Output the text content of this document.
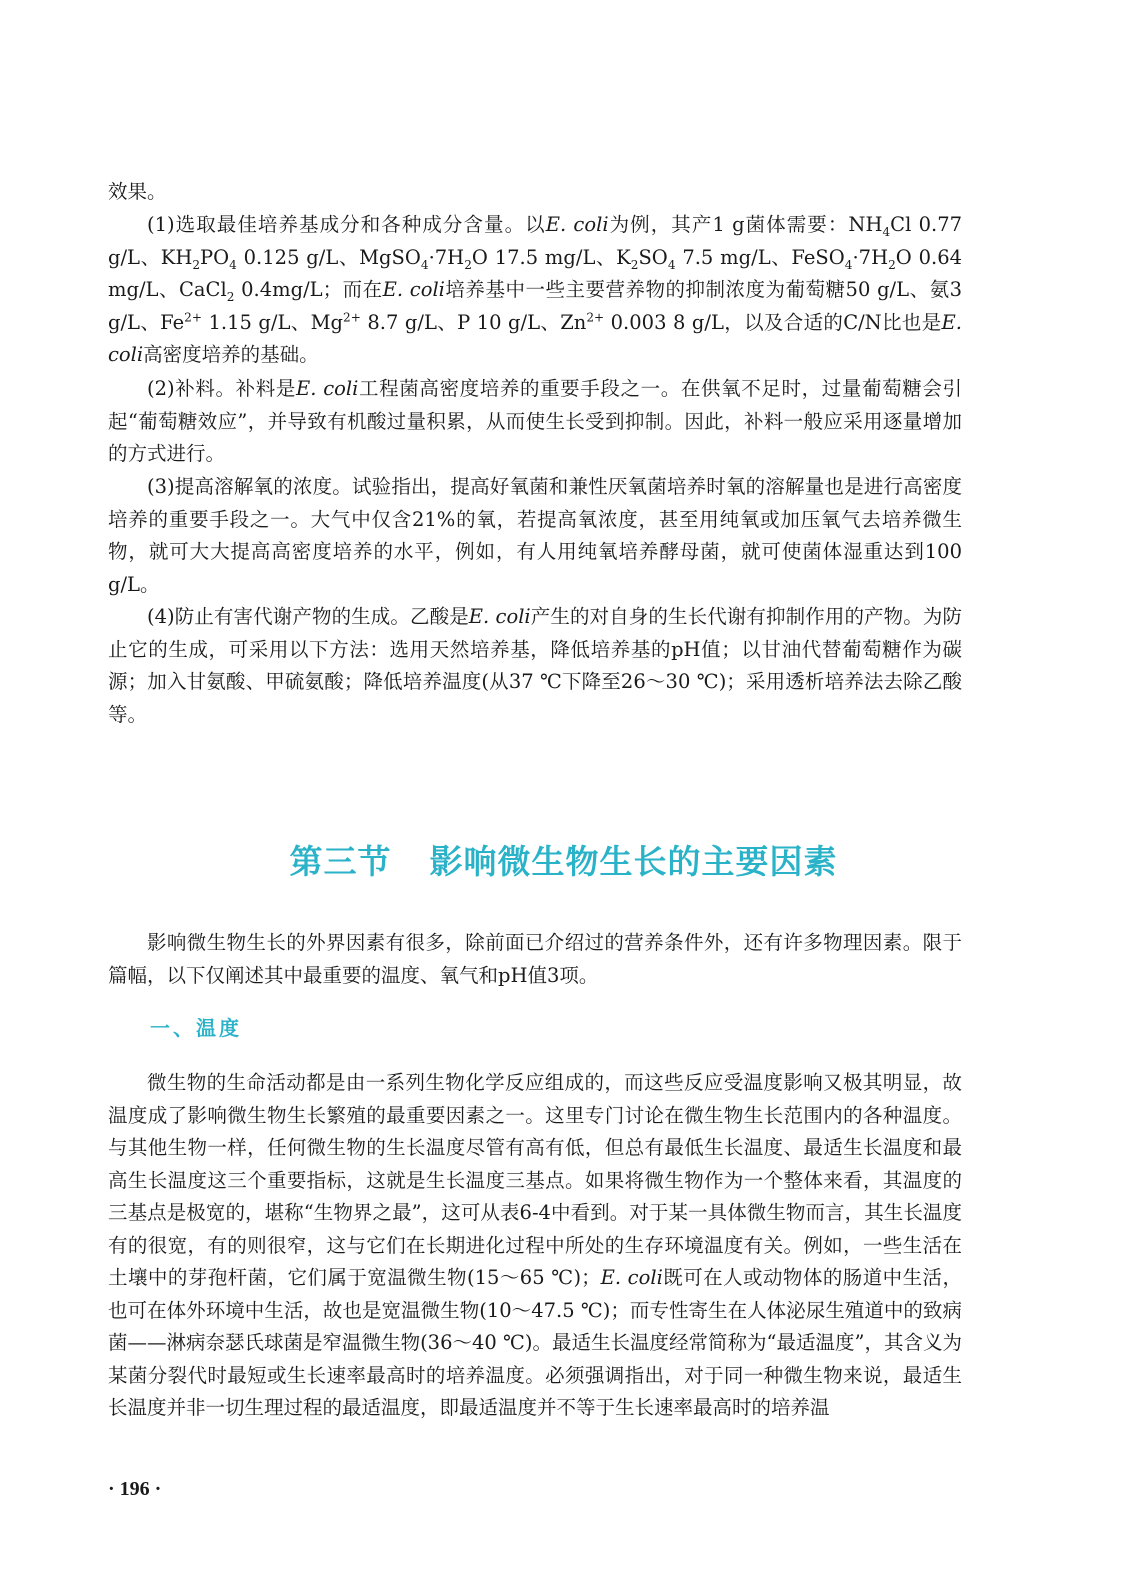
效果。

(1)选取最佳培养基成分和各种成分含量。以E. coli为例，其产1 g菌体需要：$NH_4Cl$ 0.77 g/L、$KH_2PO_4$ 0.125 g/L、$MgSO_4\cdot 7H_2O$ 17.5 mg/L、$K_2SO_4$ 7.5 mg/L、$FeSO_4\cdot 7H_2O$ 0.64 mg/L、CaCl$_2$ 0.4mg/L；而在E. coli培养基中一些主要营养物的抑制浓度为葡萄糖50 g/L、氨3 g/L、$Fe^{2+}$ 1.15 g/L、$Mg^{2+}$ 8.7 g/L、P 10 g/L、$Zn^{2+}$ 0.003 8 g/L，以及合适的C/N比也是E. coli高密度培养的基础。

(2)补料。补料是E. coli工程菌高密度培养的重要手段之一。在供氧不足时，过量葡萄糖会引起“葡萄糖效应”，并导致有机酸过量积累，从而使生长受到抑制。因此，补料一般应采用逐量增加的方式进行。

(3)提高溶解氧的浓度。试验指出，提高好氧菌和兼性厌氧菌培养时氧的溶解量也是进行高密度培养的重要手段之一。大气中仅含21%的氧，若提高氧浓度，甚至用纯氧或加压氧气去培养微生物，就可大大提高高密度培养的水平，例如，有人用纯氧培养酵母菌，就可使菌体湿重达到100 g/L。

(4)防止有害代谢产物的生成。乙酸是E. coli产生的对自身的生长代谢有抑制作用的产物。为防止它的生成，可采用以下方法：选用天然培养基，降低培养基的pH值；以甘油代替葡萄糖作为碳源；加入甘氨酸、甲硫氨酸；降低培养温度(从37 ℃下降至26～30 ℃)；采用透析培养法去除乙酸等。

第三节 影响微生物生长的主要因素

影响微生物生长的外界因素有很多，除前面已介绍过的营养条件外，还有许多物理因素。限于篇幅，以下仅阐述其中最重要的温度、氧气和pH值3项。

一、温度

微生物的生命活动都是由一系列生物化学反应组成的，而这些反应受温度影响又极其明显，故温度成了影响微生物生长繁殖的最重要因素之一。这里专门讨论在微生物生长范围内的各种温度。与其他生物一样，任何微生物的生长温度尽管有高有低，但总有最低生长温度、最适生长温度和最高生长温度这三个重要指标，这就是生长温度三基点。如果将微生物作为一个整体来看，其温度的三基点是极宽的，堪称“生物界之最”，这可从表6-4中看到。对于某一具体微生物而言，其生长温度有的很宽，有的则很窄，这与它们在长期进化过程中所处的生存环境温度有关。例如，一些生活在土壤中的芽孢杆菌，它们属于宽温微生物(15～65 ℃)；E. coli既可在人或动物体的肠道中生活，也可在体外环境中生活，故也是宽温微生物(10～47.5 ℃)；而专性寄生在人体泌尿生殖道中的致病菌——淋病奈瑟氏球菌是窄温微生物(36～40 ℃)。最适生长温度经常简称为“最适温度”，其含义为某菌分裂代时最短或生长速率最高时的培养温度。必须强调指出，对于同一种微生物来说，最适生长温度并非一切生理过程的最适温度，即最适温度并不等于生长速率最高时的培养温

· 196 ·
